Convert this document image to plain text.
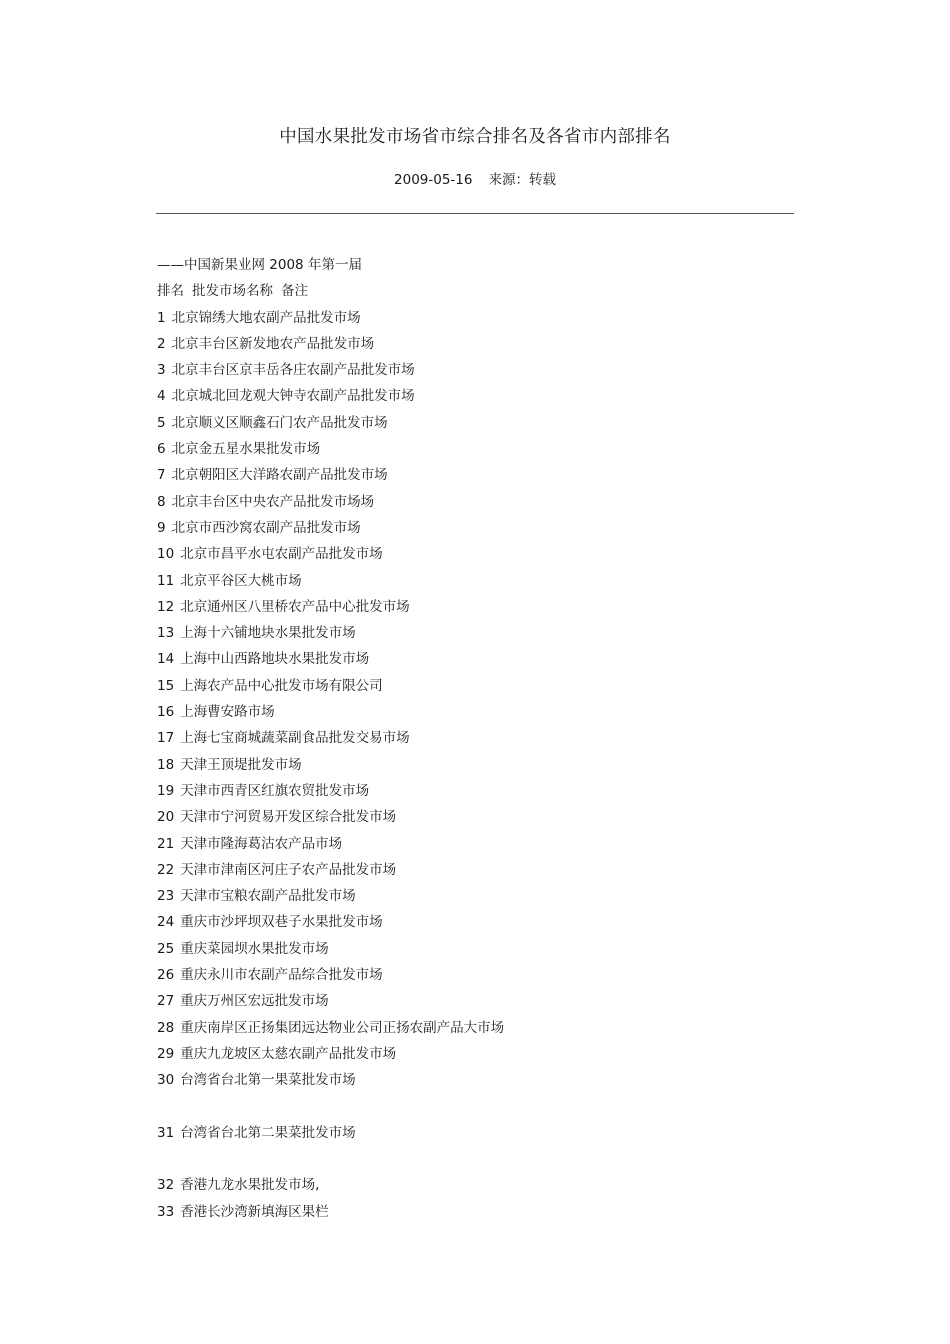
中国水果批发市场省市综合排名及各省市内部排名
2009-05-16 来源：转载
——中国新果业网 2008 年第一届
排名 批发市场名称 备注
1 北京锦绣大地农副产品批发市场
2 北京丰台区新发地农产品批发市场
3 北京丰台区京丰岳各庄农副产品批发市场
4 北京城北回龙观大钟寺农副产品批发市场
5 北京顺义区顺鑫石门农产品批发市场
6 北京金五星水果批发市场
7 北京朝阳区大洋路农副产品批发市场
8 北京丰台区中央农产品批发市场场
9 北京市西沙窝农副产品批发市场
10 北京市昌平水屯农副产品批发市场
11 北京平谷区大桃市场
12 北京通州区八里桥农产品中心批发市场
13 上海十六铺地块水果批发市场
14 上海中山西路地块水果批发市场
15 上海农产品中心批发市场有限公司
16 上海曹安路市场
17 上海七宝商城蔬菜副食品批发交易市场
18 天津王顶堤批发市场
19 天津市西青区红旗农贸批发市场
20 天津市宁河贸易开发区综合批发市场
21 天津市隆海葛沽农产品市场
22 天津市津南区河庄子农产品批发市场
23 天津市宝粮农副产品批发市场
24 重庆市沙坪坝双巷子水果批发市场
25 重庆菜园坝水果批发市场
26 重庆永川市农副产品综合批发市场
27 重庆万州区宏远批发市场
28 重庆南岸区正扬集团远达物业公司正扬农副产品大市场
29 重庆九龙坡区太慈农副产品批发市场
30 台湾省台北第一果菜批发市场
31 台湾省台北第二果菜批发市场
32 香港九龙水果批发市场,
33 香港长沙湾新填海区果栏
